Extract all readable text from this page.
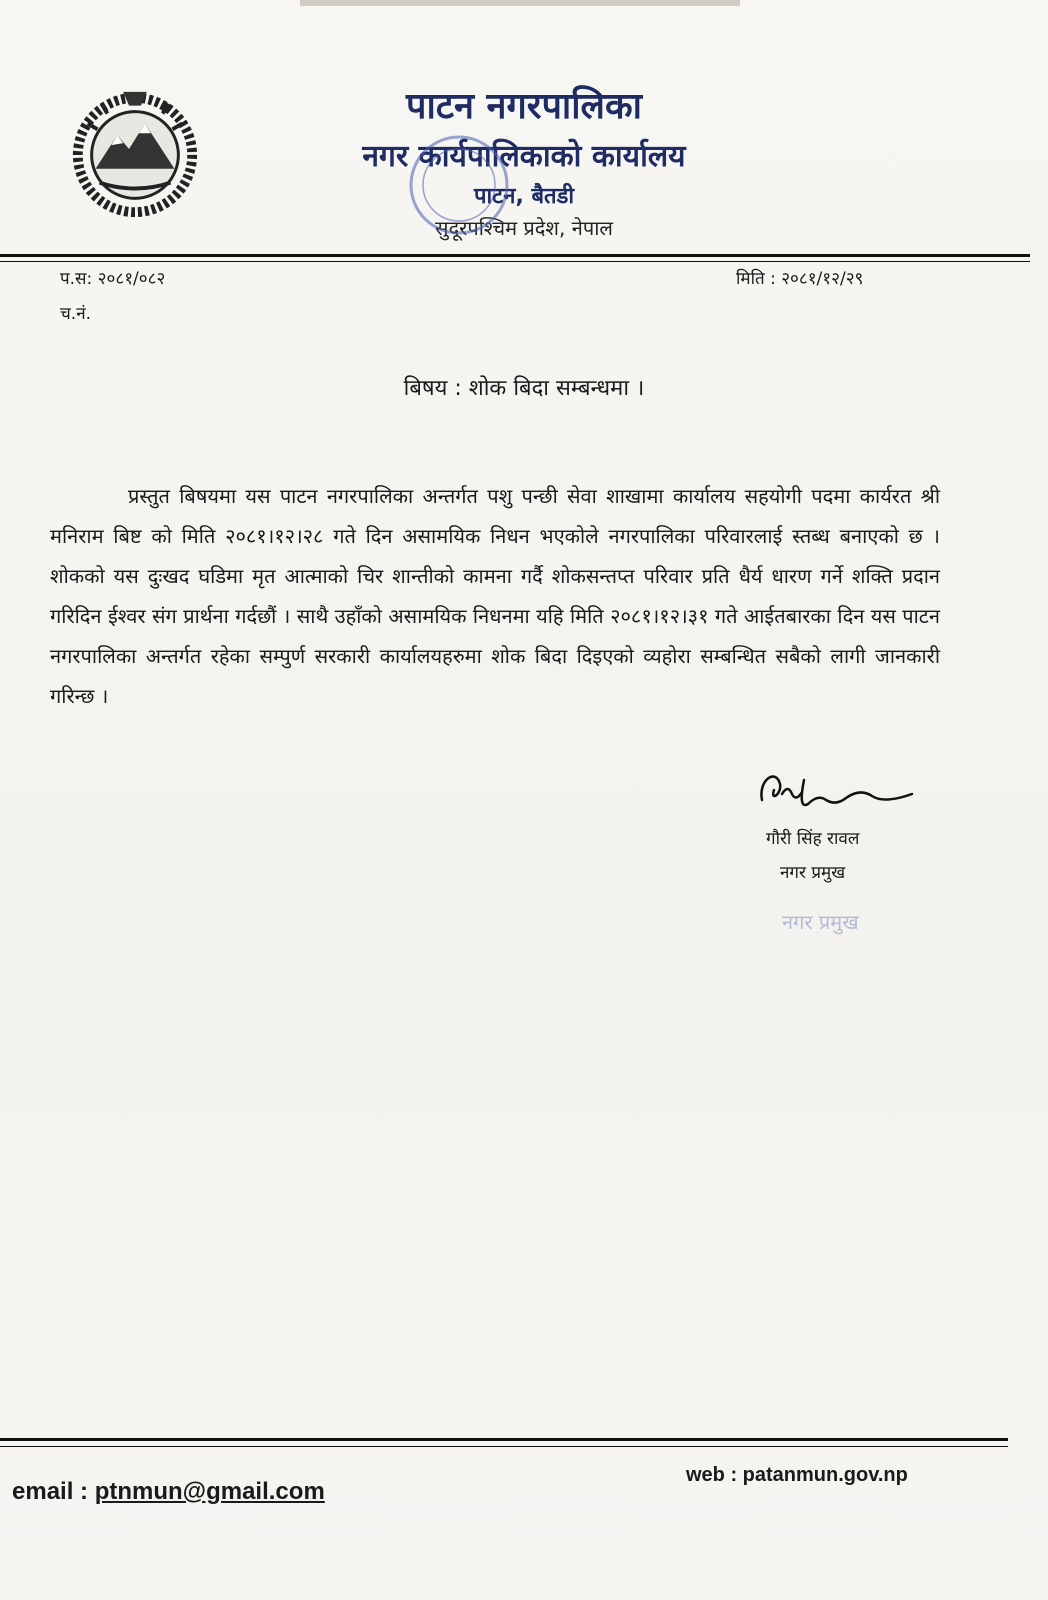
पाटन नगरपालिका
नगर कार्यपालिकाको कार्यालय
पाटन, बैतडी
सुदूरपश्चिम प्रदेश, नेपाल
प.स: २०८१/०८२
च.नं.
मिति : २०८१/१२/२९
बिषय : शोक बिदा सम्बन्धमा ।
प्रस्तुत बिषयमा यस पाटन नगरपालिका अन्तर्गत पशु पन्छी सेवा शाखामा कार्यालय सहयोगी पदमा कार्यरत श्री मनिराम बिष्ट को मिति २०८१।१२।२८ गते दिन असामयिक निधन भएकोले नगरपालिका परिवारलाई स्तब्ध बनाएको छ । शोकको यस दुःखद घडिमा मृत आत्माको चिर शान्तीको कामना गर्दै शोकसन्तप्त परिवार प्रति धैर्य धारण गर्ने शक्ति प्रदान गरिदिन ईश्वर संग प्रार्थना गर्दछौं । साथै उहाँको असामयिक निधनमा यहि मिति २०८१।१२।३१ गते आईतबारका दिन यस पाटन नगरपालिका अन्तर्गत रहेका सम्पुर्ण सरकारी कार्यालयहरुमा शोक बिदा दिइएको व्यहोरा सम्बन्धित सबैको लागी जानकारी गरिन्छ ।
गौरी सिंह रावल
नगर प्रमुख
नगर प्रमुख
email : ptnmun@gmail.com
web : patanmun.gov.np
